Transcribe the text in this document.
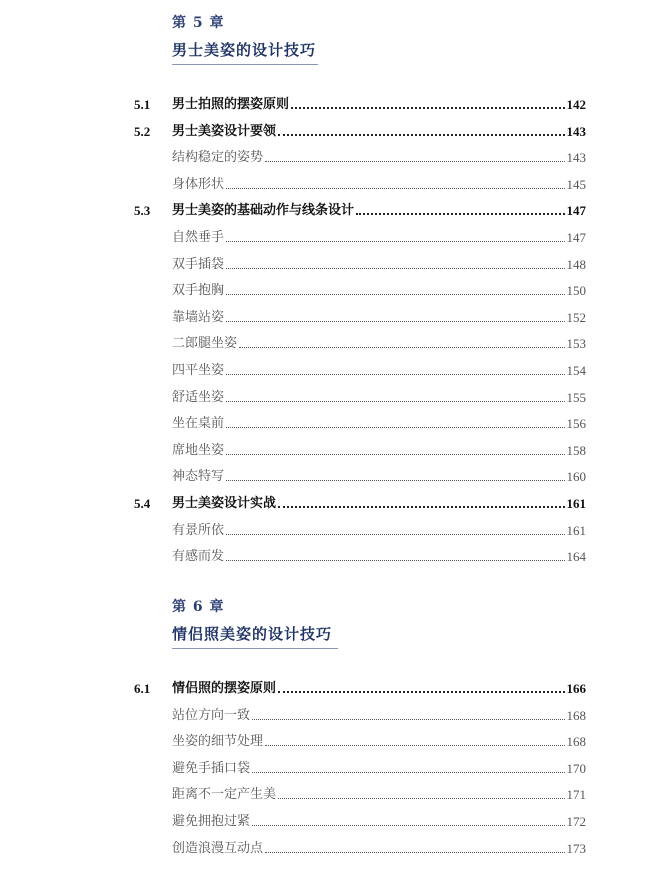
第 5 章
男士美姿的设计技巧
5.1	男士拍照的摆姿原则	142
5.2	男士美姿设计要领	143
结构稳定的姿势	143
身体形状	145
5.3	男士美姿的基础动作与线条设计	147
自然垂手	147
双手插袋	148
双手抱胸	150
靠墙站姿	152
二郎腿坐姿	153
四平坐姿	154
舒适坐姿	155
坐在桌前	156
席地坐姿	158
神态特写	160
5.4	男士美姿设计实战	161
有景所依	161
有感而发	164
第 6 章
情侣照美姿的设计技巧
6.1	情侣照的摆姿原则	166
站位方向一致	168
坐姿的细节处理	168
避免手插口袋	170
距离不一定产生美	171
避免拥抱过紧	172
创造浪漫互动点	173
